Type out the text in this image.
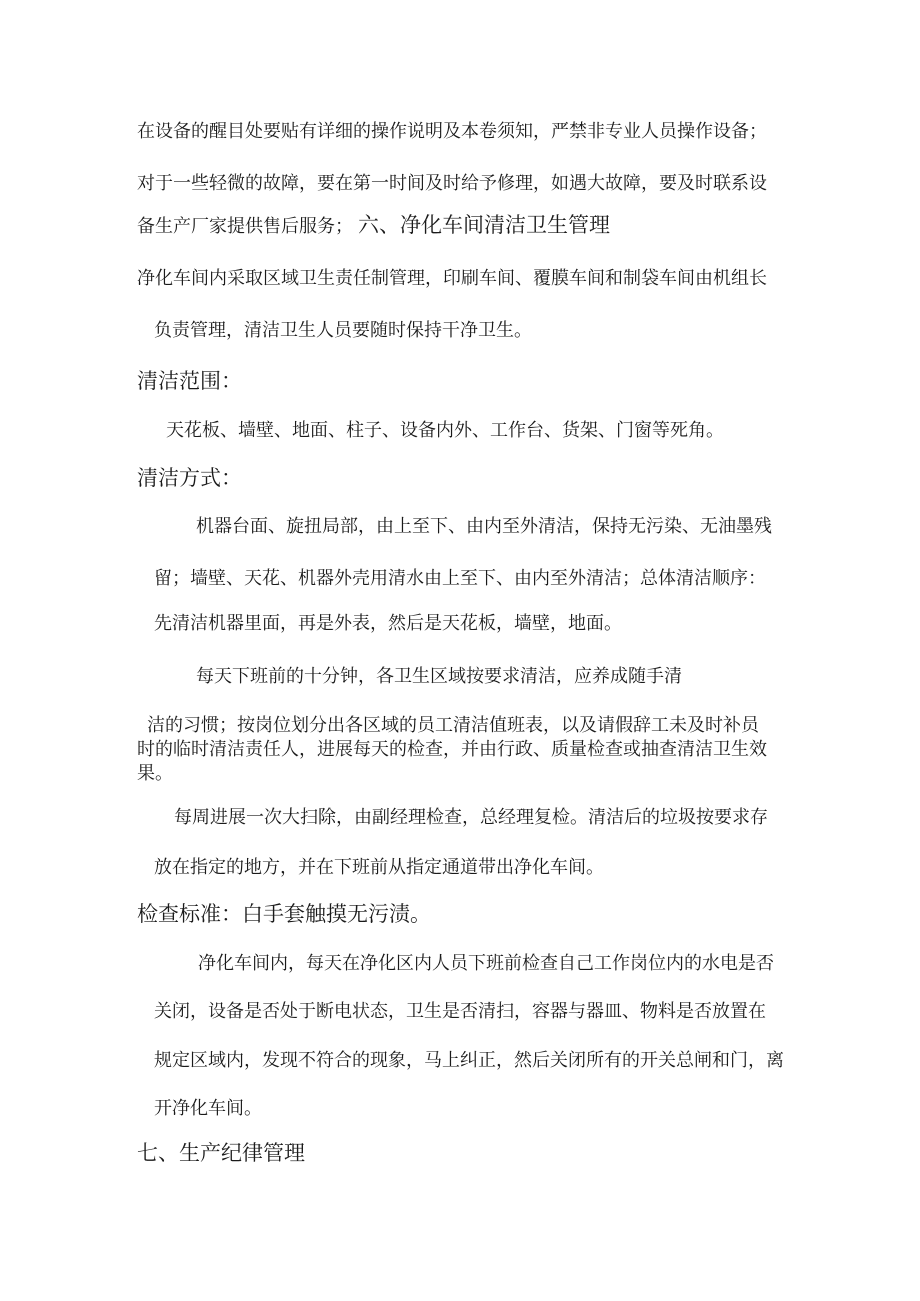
在设备的醒目处要贴有详细的操作说明及本卷须知，严禁非专业人员操作设备；

对于一些轻微的故障，要在第一时间及时给予修理，如遇大故障，要及时联系设

备生产厂家提供售后服务； 六、净化车间清洁卫生管理

净化车间内采取区域卫生责任制管理，印刷车间、覆膜车间和制袋车间由机组长

负责管理，清洁卫生人员要随时保持干净卫生。

清洁范围：

天花板、墙壁、地面、柱子、设备内外、工作台、货架、门窗等死角。

清洁方式：

机器台面、旋扭局部，由上至下、由内至外清洁，保持无污染、无油墨残

留；墙壁、天花、机器外壳用清水由上至下、由内至外清洁；总体清洁顺序：

先清洁机器里面，再是外表，然后是天花板，墙壁，地面。

每天下班前的十分钟，各卫生区域按要求清洁，应养成随手清

洁的习惯；按岗位划分出各区域的员工清洁值班表，以及请假辞工未及时补员

时的临时清洁责任人，进展每天的检查，并由行政、质量检查或抽查清洁卫生效

果。

每周进展一次大扫除，由副经理检查，总经理复检。清洁后的垃圾按要求存

放在指定的地方，并在下班前从指定通道带出净化车间。

检查标准：白手套触摸无污渍。

净化车间内，每天在净化区内人员下班前检查自己工作岗位内的水电是否

关闭，设备是否处于断电状态，卫生是否清扫，容器与器皿、物料是否放置在

规定区域内，发现不符合的现象，马上纠正，然后关闭所有的开关总闸和门，离

开净化车间。

七、生产纪律管理
